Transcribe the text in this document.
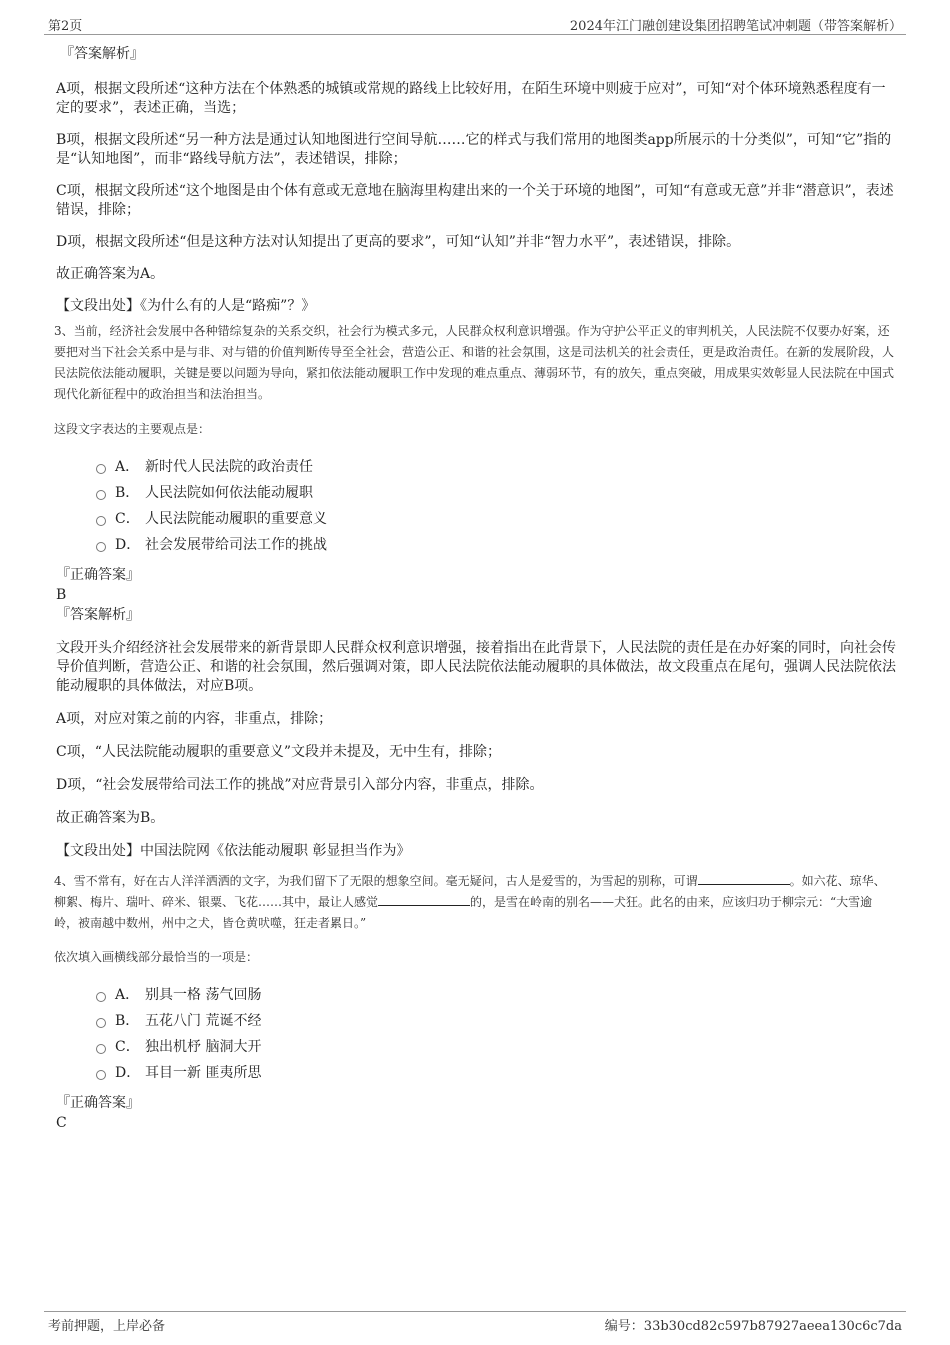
第2页	2024年江门融创建设集团招聘笔试冲刺题（带答案解析）
『答案解析』

A项，根据文段所述“这种方法在个体熟悉的城镇或常规的路线上比较好用，在陌生环境中则疲于应对”，可知“对个体环境熟悉程度有一定的要求”，表述正确，当选；

B项，根据文段所述“另一种方法是通过认知地图进行空间导航……它的样式与我们常用的地图类app所展示的十分类似”，可知“它”指的是“认知地图”，而非“路线导航方法”，表述错误，排除；

C项，根据文段所述“这个地图是由个体有意或无意地在脑海里构建出来的一个关于环境的地图”，可知“有意或无意”并非“潜意识”，表述错误，排除；

D项，根据文段所述“但是这种方法对认知提出了更高的要求”，可知“认知”并非“智力水平”，表述错误，排除。

故正确答案为A。

【文段出处】《为什么有的人是“路痴”？》

3、当前，经济社会发展中各种错综复杂的关系交织，社会行为模式多元，人民群众权利意识增强。作为守护公平正义的审判机关，人民法院不仅要办好案，还要把对当下社会关系中是与非、对与错的价值判断传导至全社会，营造公正、和谐的社会氛围，这是司法机关的社会责任，更是政治责任。在新的发展阶段，人民法院依法能动履职，关键是要以问题为导向，紧扣依法能动履职工作中发现的难点重点、薄弱环节，有的放矢，重点突破，用成果实效彰显人民法院在中国式现代化新征程中的政治担当和法治担当。

这段文字表达的主要观点是：

A． 新时代人民法院的政治责任
B． 人民法院如何依法能动履职
C． 人民法院能动履职的重要意义
D． 社会发展带给司法工作的挑战
『正确答案』
B
『答案解析』

文段开头介绍经济社会发展带来的新背景即人民群众权利意识增强，接着指出在此背景下，人民法院的责任是在办好案的同时，向社会传导价值判断，营造公正、和谐的社会氛围，然后强调对策，即人民法院依法能动履职的具体做法，故文段重点在尾句，强调人民法院依法能动履职的具体做法，对应B项。

A项，对应对策之前的内容，非重点，排除；

C项，“人民法院能动履职的重要意义”文段并未提及，无中生有，排除；

D项，“社会发展带给司法工作的挑战”对应背景引入部分内容，非重点，排除。

故正确答案为B。

【文段出处】中国法院网《依法能动履职 彰显担当作为》

4、雪不常有，好在古人洋洋洒洒的文字，为我们留下了无限的想象空间。毫无疑问，古人是爱雪的，为雪起的别称，可谓	。如六花、琼华、柳絮、梅片、瑞叶、碎米、银粟、飞花……其中，最让人感觉	的，是雪在岭南的别名——犬狂。此名的由来，应该归功于柳宗元：“大雪逾岭，被南越中数州，州中之犬，皆仓黄吠噬，狂走者累日。”

依次填入画横线部分最恰当的一项是：

A． 别具一格 荡气回肠
B． 五花八门 荒诞不经
C． 独出机杼 脑洞大开
D． 耳目一新 匪夷所思
『正确答案』
C
考前押题，上岸必备	编号：33b30cd82c597b87927aeea130c6c7da
